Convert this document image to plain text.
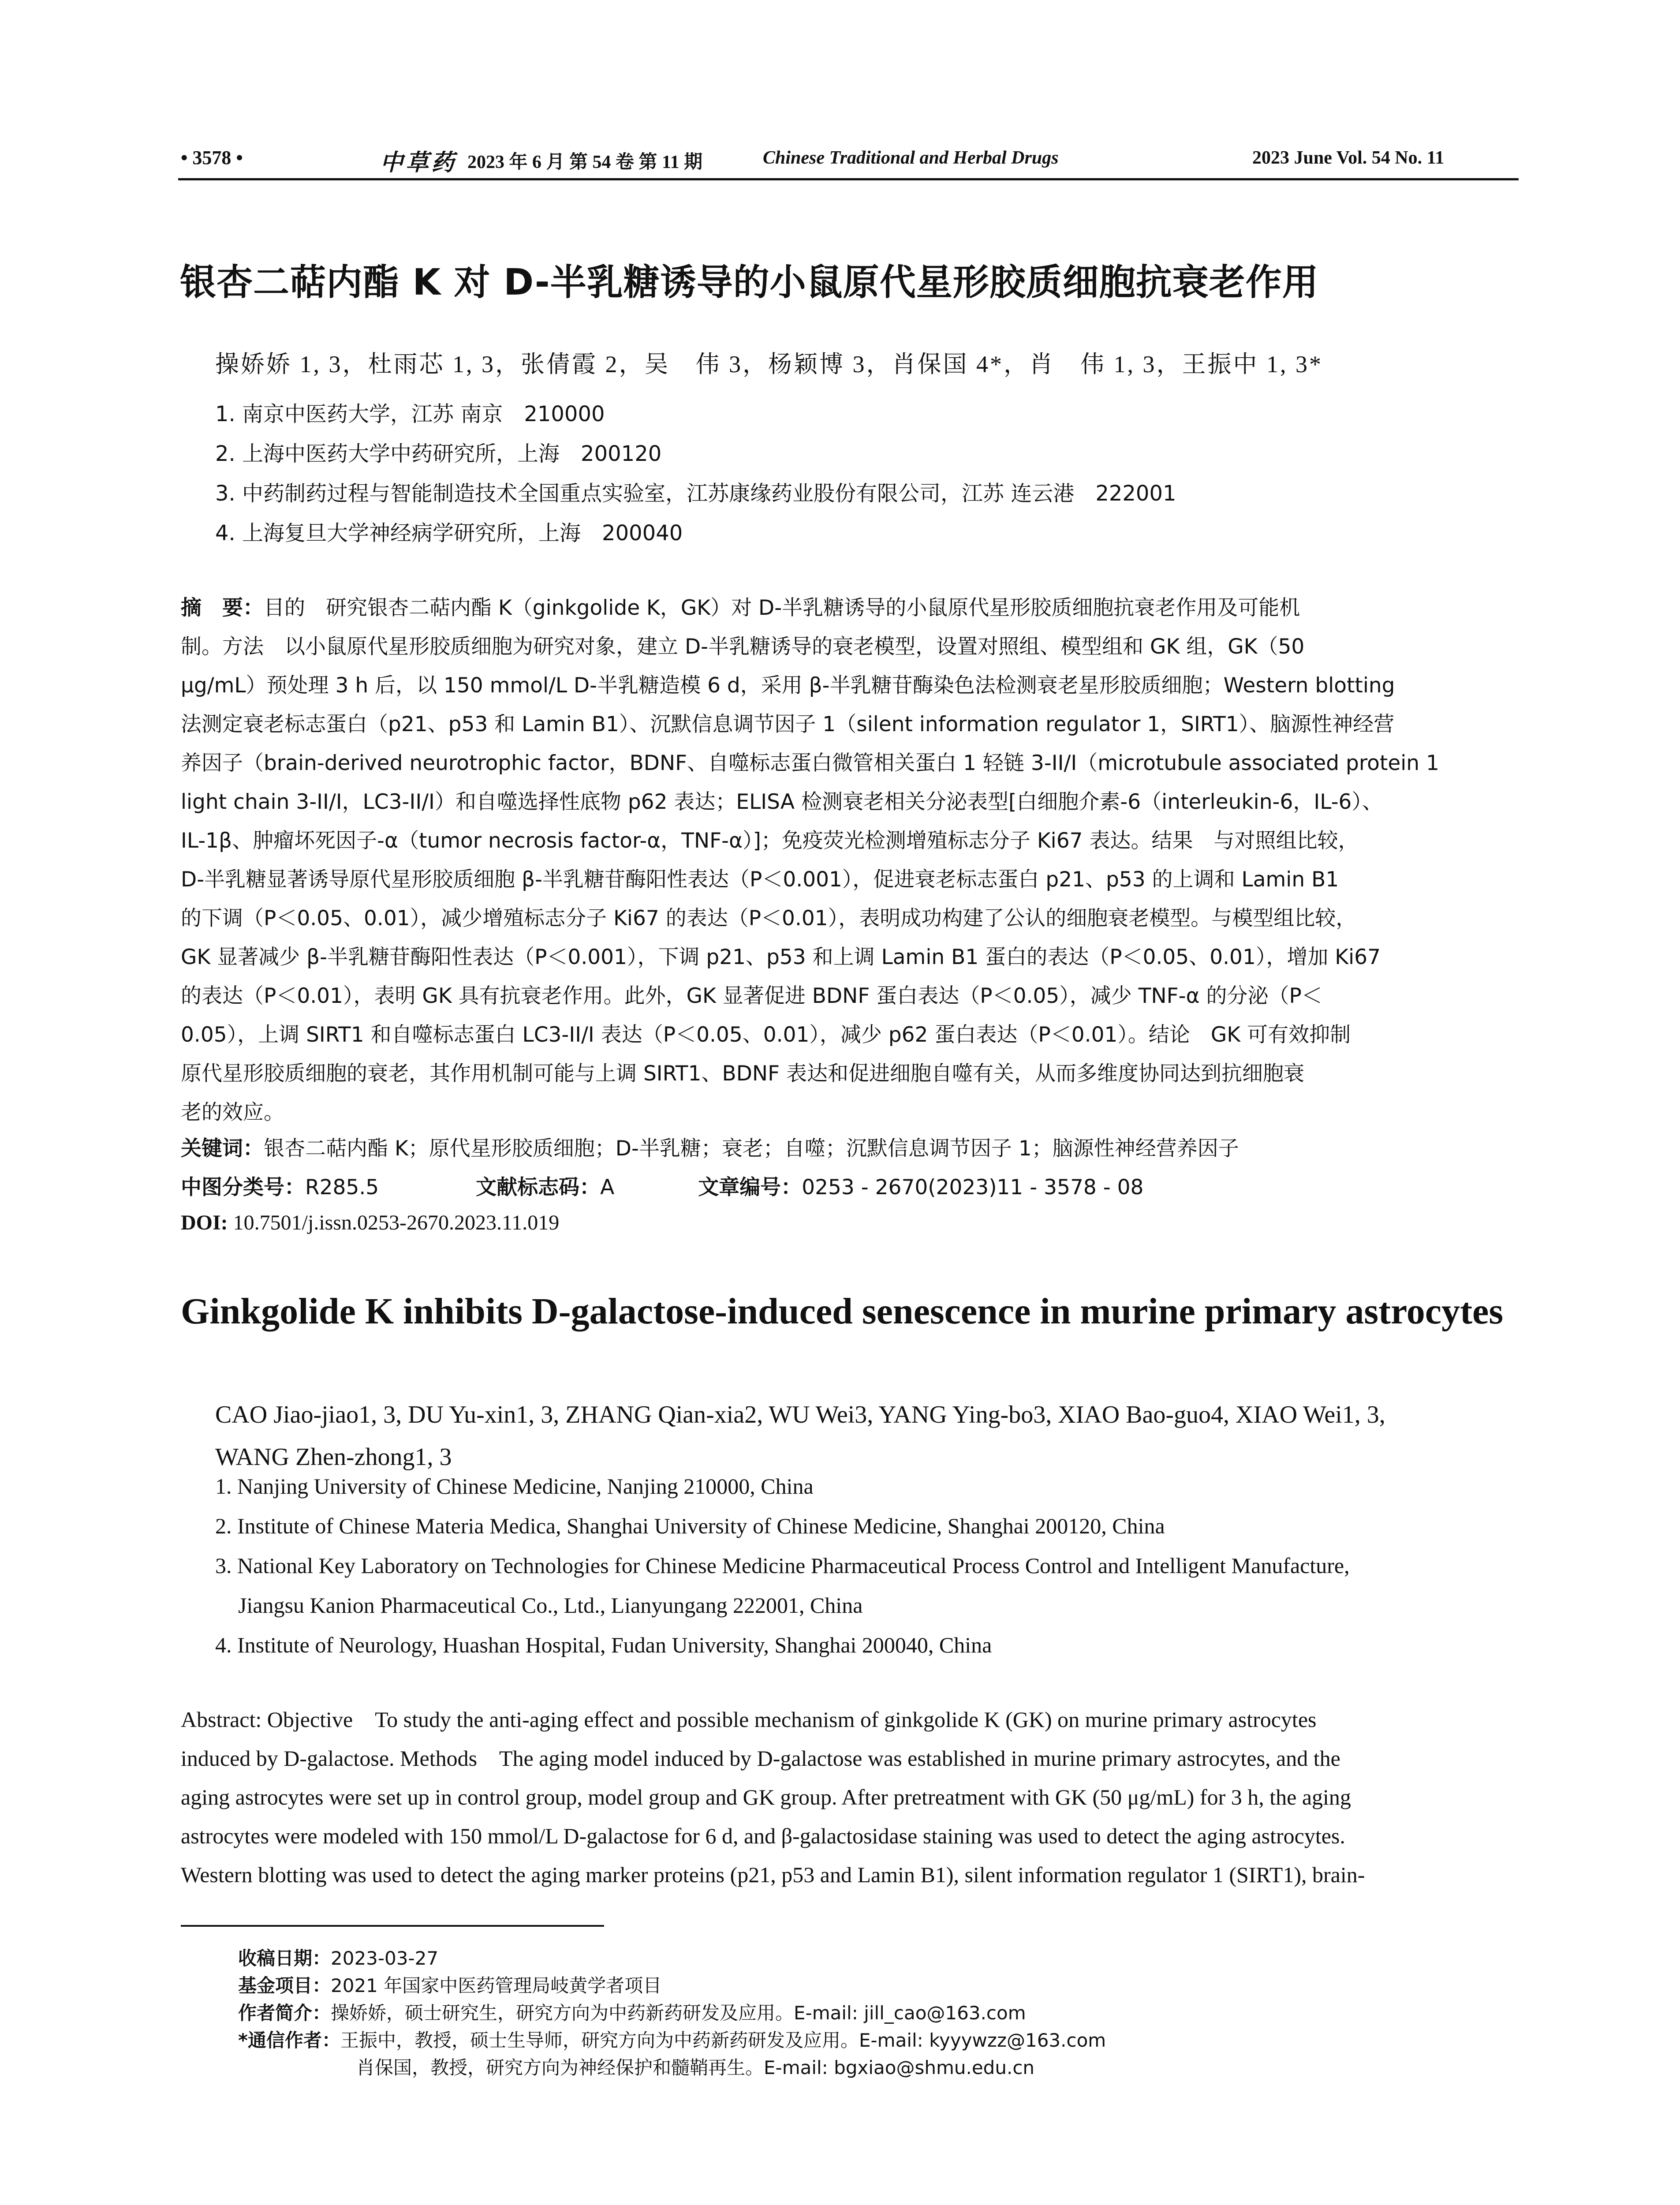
• 3578 •	中草药 2023 年 6 月 第 54 卷 第 11 期	Chinese Traditional and Herbal Drugs	2023 June Vol. 54 No. 11
银杏二萜内酯 K 对 D-半乳糖诱导的小鼠原代星形胶质细胞抗衰老作用
操娇娇 1, 3，杜雨芯 1, 3，张倩霞 2，吴　伟 3，杨颖博 3，肖保国 4*，肖　伟 1, 3，王振中 1, 3*
1. 南京中医药大学，江苏 南京　210000
2. 上海中医药大学中药研究所，上海　200120
3. 中药制药过程与智能制造技术全国重点实验室，江苏康缘药业股份有限公司，江苏 连云港　222001
4. 上海复旦大学神经病学研究所，上海　200040
摘　要：目的　研究银杏二萜内酯 K（ginkgolide K，GK）对 D-半乳糖诱导的小鼠原代星形胶质细胞抗衰老作用及可能机
制。方法　以小鼠原代星形胶质细胞为研究对象，建立 D-半乳糖诱导的衰老模型，设置对照组、模型组和 GK 组，GK（50
μg/mL）预处理 3 h 后，以 150 mmol/L D-半乳糖造模 6 d，采用 β-半乳糖苷酶染色法检测衰老星形胶质细胞；Western blotting
法测定衰老标志蛋白（p21、p53 和 Lamin B1）、沉默信息调节因子 1（silent information regulator 1，SIRT1）、脑源性神经营
养因子（brain-derived neurotrophic factor，BDNF、自噬标志蛋白微管相关蛋白 1 轻链 3-II/I（microtubule associated protein 1
light chain 3-II/I，LC3-II/I）和自噬选择性底物 p62 表达；ELISA 检测衰老相关分泌表型[白细胞介素-6（interleukin-6，IL-6）、
IL-1β、肿瘤坏死因子-α（tumor necrosis factor-α，TNF-α）]；免疫荧光检测增殖标志分子 Ki67 表达。结果　与对照组比较，
D-半乳糖显著诱导原代星形胶质细胞 β-半乳糖苷酶阳性表达（P＜0.001），促进衰老标志蛋白 p21、p53 的上调和 Lamin B1
的下调（P＜0.05、0.01），减少增殖标志分子 Ki67 的表达（P＜0.01），表明成功构建了公认的细胞衰老模型。与模型组比较，
GK 显著减少 β-半乳糖苷酶阳性表达（P＜0.001），下调 p21、p53 和上调 Lamin B1 蛋白的表达（P＜0.05、0.01），增加 Ki67
的表达（P＜0.01），表明 GK 具有抗衰老作用。此外，GK 显著促进 BDNF 蛋白表达（P＜0.05），减少 TNF-α 的分泌（P＜
0.05），上调 SIRT1 和自噬标志蛋白 LC3-II/I 表达（P＜0.05、0.01），减少 p62 蛋白表达（P＜0.01）。结论　GK 可有效抑制
原代星形胶质细胞的衰老，其作用机制可能与上调 SIRT1、BDNF 表达和促进细胞自噬有关，从而多维度协同达到抗细胞衰
老的效应。
关键词：银杏二萜内酯 K；原代星形胶质细胞；D-半乳糖；衰老；自噬；沉默信息调节因子 1；脑源性神经营养因子
中图分类号：R285.5	文献标志码：A	文章编号：0253 - 2670(2023)11 - 3578 - 08
DOI: 10.7501/j.issn.0253-2670.2023.11.019
Ginkgolide K inhibits D-galactose-induced senescence in murine primary astrocytes
CAO Jiao-jiao1, 3, DU Yu-xin1, 3, ZHANG Qian-xia2, WU Wei3, YANG Ying-bo3, XIAO Bao-guo4, XIAO Wei1, 3,
WANG Zhen-zhong1, 3
1. Nanjing University of Chinese Medicine, Nanjing 210000, China
2. Institute of Chinese Materia Medica, Shanghai University of Chinese Medicine, Shanghai 200120, China
3. National Key Laboratory on Technologies for Chinese Medicine Pharmaceutical Process Control and Intelligent Manufacture,
Jiangsu Kanion Pharmaceutical Co., Ltd., Lianyungang 222001, China
4. Institute of Neurology, Huashan Hospital, Fudan University, Shanghai 200040, China
Abstract: Objective　To study the anti-aging effect and possible mechanism of ginkgolide K (GK) on murine primary astrocytes
induced by D-galactose. Methods　The aging model induced by D-galactose was established in murine primary astrocytes, and the
aging astrocytes were set up in control group, model group and GK group. After pretreatment with GK (50 μg/mL) for 3 h, the aging
astrocytes were modeled with 150 mmol/L D-galactose for 6 d, and β-galactosidase staining was used to detect the aging astrocytes.
Western blotting was used to detect the aging marker proteins (p21, p53 and Lamin B1), silent information regulator 1 (SIRT1), brain-
收稿日期：2023-03-27
基金项目：2021 年国家中医药管理局岐黄学者项目
作者简介：操娇娇，硕士研究生，研究方向为中药新药研发及应用。E-mail: jill_cao@163.com
*通信作者：王振中，教授，硕士生导师，研究方向为中药新药研发及应用。E-mail: kyyywzz@163.com
肖保国，教授，研究方向为神经保护和髓鞘再生。E-mail: bgxiao@shmu.edu.cn
